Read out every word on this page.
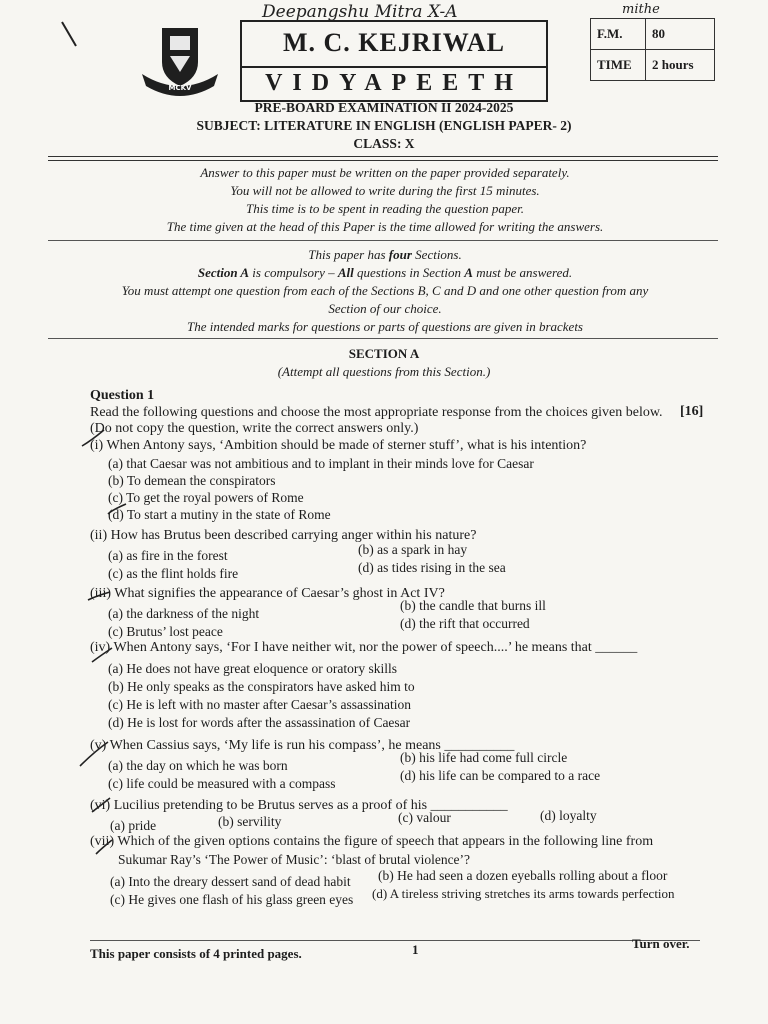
Deepangshu Mitra X-A	mithe
MCKV
M. C. KEJRIWAL
VIDYAPEETH
F.M.	80
TIME	2 hours
PRE-BOARD EXAMINATION II 2024-2025
SUBJECT: LITERATURE IN ENGLISH (ENGLISH PAPER- 2)
CLASS: X
Answer to this paper must be written on the paper provided separately.
You will not be allowed to write during the first 15 minutes.
This time is to be spent in reading the question paper.
The time given at the head of this Paper is the time allowed for writing the answers.
This paper has four Sections.
Section A is compulsory – All questions in Section A must be answered.
You must attempt one question from each of the Sections B, C and D and one other question from any
Section of our choice.
The intended marks for questions or parts of questions are given in brackets
SECTION A
(Attempt all questions from this Section.)
Question 1
Read the following questions and choose the most appropriate response from the choices given below. [16]
(Do not copy the question, write the correct answers only.)
(i) When Antony says, ‘Ambition should be made of sterner stuff’, what is his intention?
(a) that Caesar was not ambitious and to implant in their minds love for Caesar
(b) To demean the conspirators
(c) To get the royal powers of Rome
(d) To start a mutiny in the state of Rome
(ii) How has Brutus been described carrying anger within his nature?
(a) as fire in the forest	(b) as a spark in hay
(c) as the flint holds fire	(d) as tides rising in the sea
(iii) What signifies the appearance of Caesar’s ghost in Act IV?
(a) the darkness of the night
(b) the candle that burns ill
(c) Brutus’ lost peace
(d) the rift that occurred
(iv) When Antony says, ‘For I have neither wit, nor the power of speech....’ he means that ______
(a) He does not have great eloquence or oratory skills
(b) He only speaks as the conspirators have asked him to
(c) He is left with no master after Caesar’s assassination
(d) He is lost for words after the assassination of Caesar
(v) When Cassius says, ‘My life is run his compass’, he means __________
(a) the day on which he was born
(b) his life had come full circle
(c) life could be measured with a compass
(d) his life can be compared to a race
(vi) Lucilius pretending to be Brutus serves as a proof of his ___________
(a) pride	(b) servility	(c) valour	(d) loyalty
(vii) Which of the given options contains the figure of speech that appears in the following line from
Sukumar Ray’s ‘The Power of Music’: ‘blast of brutal violence’?
(a) Into the dreary dessert sand of dead habit (b) He had seen a dozen eyeballs rolling about a floor
(c) He gives one flash of his glass green eyes (d) A tireless striving stretches its arms towards perfection
This paper consists of 4 printed pages.	1	Turn over.
